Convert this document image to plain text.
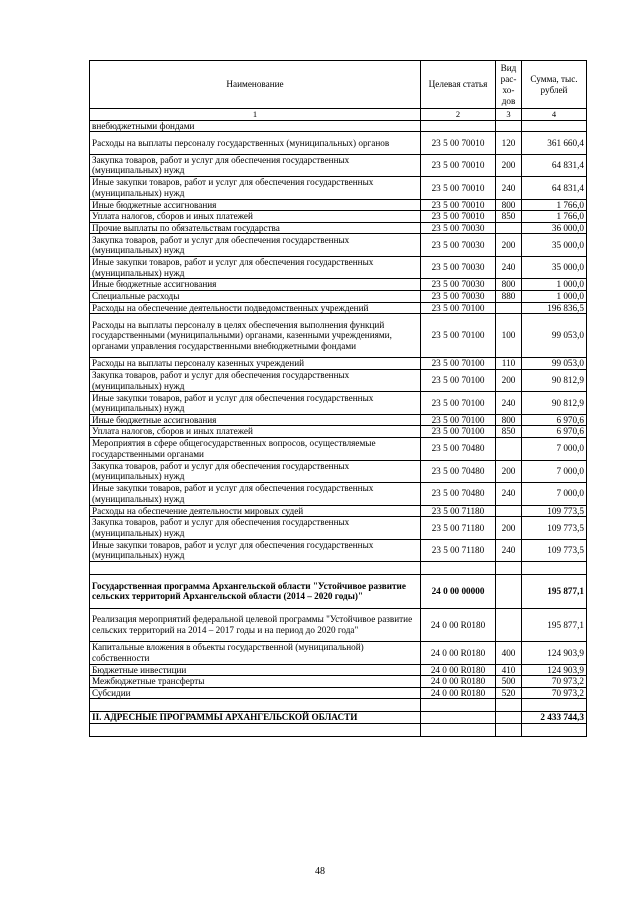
Наименование	Целевая статья	Вид рас-хо-дов	Сумма, тыс. рублей
1	2	3	4
внебюджетными фондами			
Расходы на выплаты персоналу государственных (муниципальных) органов	23 5 00 70010	120	361 660,4
Закупка товаров, работ и услуг для обеспечения государственных (муниципальных) нужд	23 5 00 70010	200	64 831,4
Иные закупки товаров, работ и услуг для обеспечения государственных (муниципальных) нужд	23 5 00 70010	240	64 831,4
Иные бюджетные ассигнования	23 5 00 70010	800	1 766,0
Уплата налогов, сборов и иных платежей	23 5 00 70010	850	1 766,0
Прочие выплаты по обязательствам государства	23 5 00 70030		36 000,0
Закупка товаров, работ и услуг для обеспечения государственных (муниципальных) нужд	23 5 00 70030	200	35 000,0
Иные закупки товаров, работ и услуг для обеспечения государственных (муниципальных) нужд	23 5 00 70030	240	35 000,0
Иные бюджетные ассигнования	23 5 00 70030	800	1 000,0
Специальные расходы	23 5 00 70030	880	1 000,0
Расходы на обеспечение деятельности подведомственных учреждений	23 5 00 70100		196 836,5
Расходы на выплаты персоналу в целях обеспечения выполнения функций государственными (муниципальными) органами, казенными учреждениями, органами управления государственными внебюджетными фондами	23 5 00 70100	100	99 053,0
Расходы на выплаты персоналу казенных учреждений	23 5 00 70100	110	99 053,0
Закупка товаров, работ и услуг для обеспечения государственных (муниципальных) нужд	23 5 00 70100	200	90 812,9
Иные закупки товаров, работ и услуг для обеспечения государственных (муниципальных) нужд	23 5 00 70100	240	90 812,9
Иные бюджетные ассигнования	23 5 00 70100	800	6 970,6
Уплата налогов, сборов и иных платежей	23 5 00 70100	850	6 970,6
Мероприятия в сфере общегосударственных вопросов, осуществляемые государственными органами	23 5 00 70480		7 000,0
Закупка товаров, работ и услуг для обеспечения государственных (муниципальных) нужд	23 5 00 70480	200	7 000,0
Иные закупки товаров, работ и услуг для обеспечения государственных (муниципальных) нужд	23 5 00 70480	240	7 000,0
Расходы на обеспечение деятельности мировых судей	23 5 00 71180		109 773,5
Закупка товаров, работ и услуг для обеспечения государственных (муниципальных) нужд	23 5 00 71180	200	109 773,5
Иные закупки товаров, работ и услуг для обеспечения государственных (муниципальных) нужд	23 5 00 71180	240	109 773,5

Государственная программа Архангельской области "Устойчивое развитие сельских территорий Архангельской области (2014 – 2020 годы)"	24 0 00 00000		195 877,1
Реализация мероприятий федеральной целевой программы "Устойчивое развитие сельских территорий на 2014 – 2017 годы и на период до 2020 года"	24 0 00 R0180		195 877,1
Капитальные вложения в объекты государственной (муниципальной) собственности	24 0 00 R0180	400	124 903,9
Бюджетные инвестиции	24 0 00 R0180	410	124 903,9
Межбюджетные трансферты	24 0 00 R0180	500	70 973,2
Субсидии	24 0 00 R0180	520	70 973,2

II. АДРЕСНЫЕ ПРОГРАММЫ АРХАНГЕЛЬСКОЙ ОБЛАСТИ			2 433 744,3

48
